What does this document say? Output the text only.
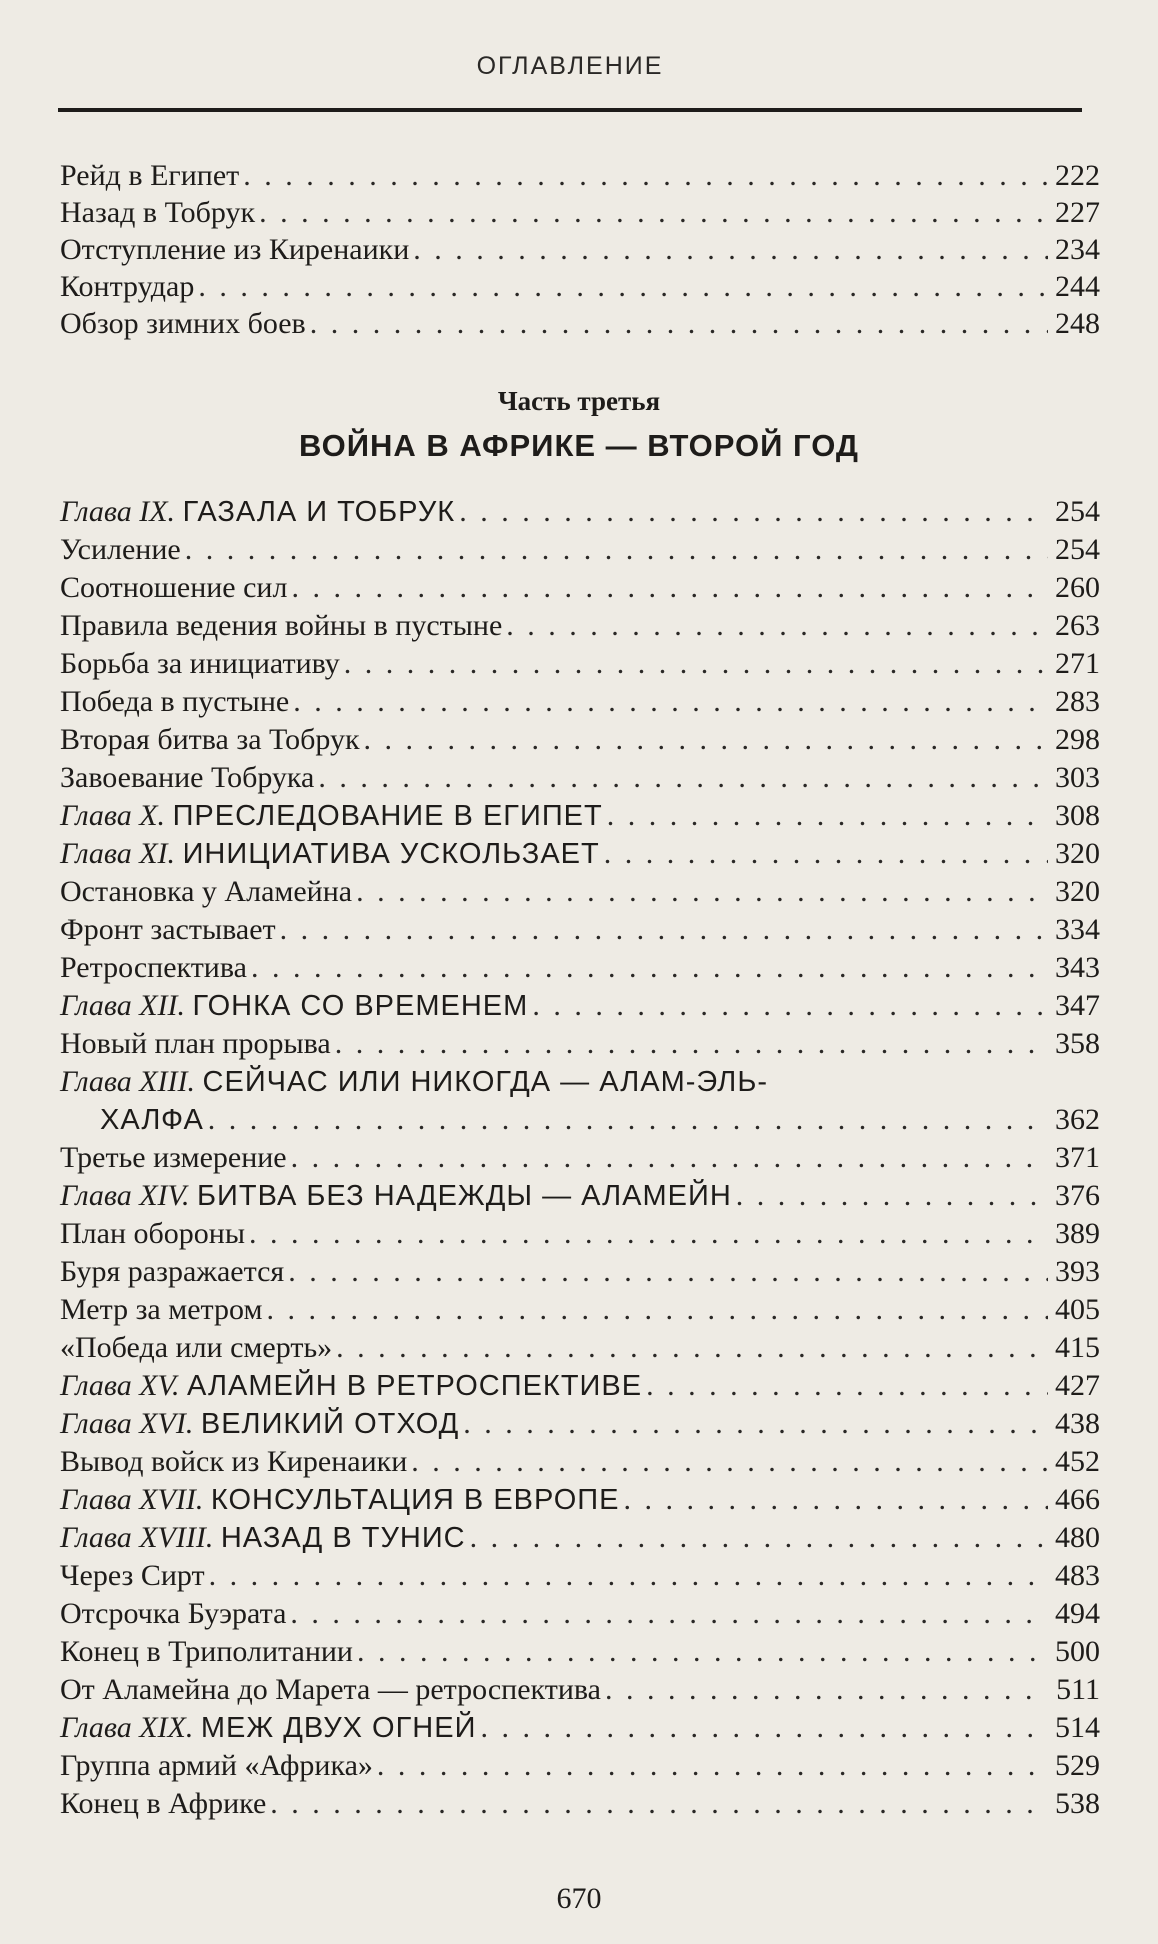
ОГЛАВЛЕНИЕ
Рейд в Египет . . .	222
Назад в Тобрук . . .	227
Отступление из Киренаики . . .	234
Контрудар . . .	244
Обзор зимних боев . . .	248
Часть третья
ВОЙНА В АФРИКЕ — ВТОРОЙ ГОД
Глава IX. ГАЗАЛА И ТОБРУК . . .	254
Усиление . . .	254
Соотношение сил . . .	260
Правила ведения войны в пустыне . . .	263
Борьба за инициативу . . .	271
Победа в пустыне . . .	283
Вторая битва за Тобрук . . .	298
Завоевание Тобрука . . .	303
Глава X. ПРЕСЛЕДОВАНИЕ В ЕГИПЕТ . . .	308
Глава XI. ИНИЦИАТИВА УСКОЛЬЗАЕТ . . .	320
Остановка у Аламейна . . .	320
Фронт застывает . . .	334
Ретроспектива . . .	343
Глава XII. ГОНКА СО ВРЕМЕНЕМ . . .	347
Новый план прорыва . . .	358
Глава XIII. СЕЙЧАС ИЛИ НИКОГДА — АЛАМ-ЭЛЬ-
ХАЛФА . . .	362
Третье измерение . . .	371
Глава XIV. БИТВА БЕЗ НАДЕЖДЫ — АЛАМЕЙН . . .	376
План обороны . . .	389
Буря разражается . . .	393
Метр за метром . . .	405
«Победа или смерть» . . .	415
Глава XV. АЛАМЕЙН В РЕТРОСПЕКТИВЕ . . .	427
Глава XVI. ВЕЛИКИЙ ОТХОД . . .	438
Вывод войск из Киренаики . . .	452
Глава XVII. КОНСУЛЬТАЦИЯ В ЕВРОПЕ . . .	466
Глава XVIII. НАЗАД В ТУНИС . . .	480
Через Сирт . . .	483
Отсрочка Буэрата . . .	494
Конец в Триполитании . . .	500
От Аламейна до Марета — ретроспектива . . .	511
Глава XIX. МЕЖ ДВУХ ОГНЕЙ . . .	514
Группа армий «Африка» . . .	529
Конец в Африке . . .	538
670
